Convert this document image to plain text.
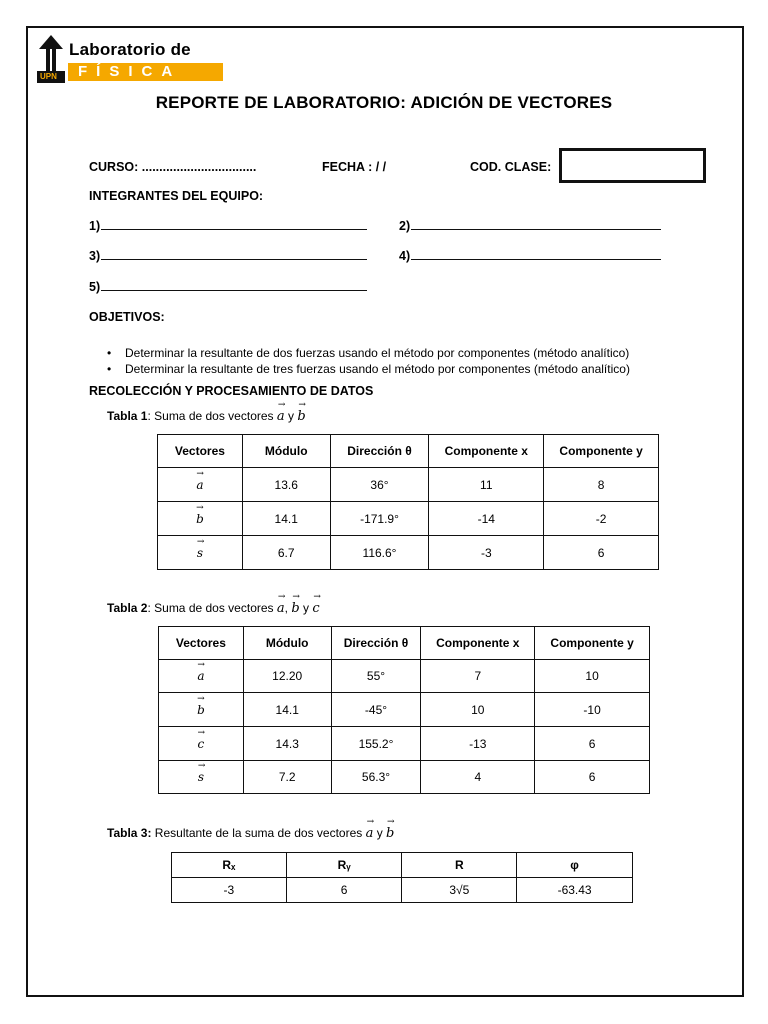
UPN
Laboratorio de
FÍSICA
REPORTE DE LABORATORIO: ADICIÓN DE VECTORES
CURSO: .................................	FECHA : / /	COD. CLASE:
INTEGRANTES DEL EQUIPO:
1)	2)
3)	4)
5)
OBJETIVOS:
• Determinar la resultante de dos fuerzas usando el método por componentes (método analítico)
• Determinar la resultante de tres fuerzas usando el método por componentes (método analítico)
RECOLECCIÓN Y PROCESAMIENTO DE DATOS
Tabla 1: Suma de dos vectores a → y b →
Vectores	Módulo	Dirección θ	Componente x	Componente y
a →	13.6	36°	11	8
b →	14.1	-171.9°	-14	-2
s →	6.7	116.6°	-3	6
Tabla 2: Suma de dos vectores a →, b → y c →
Vectores	Módulo	Dirección θ	Componente x	Componente y
a →	12.20	55°	7	10
b →	14.1	-45°	10	-10
c →	14.3	155.2°	-13	6
s →	7.2	56.3°	4	6
Tabla 3: Resultante de la suma de dos vectores a → y b →
Rₓ	Rᵧ	R	φ
-3	6	3√5	-63.43
